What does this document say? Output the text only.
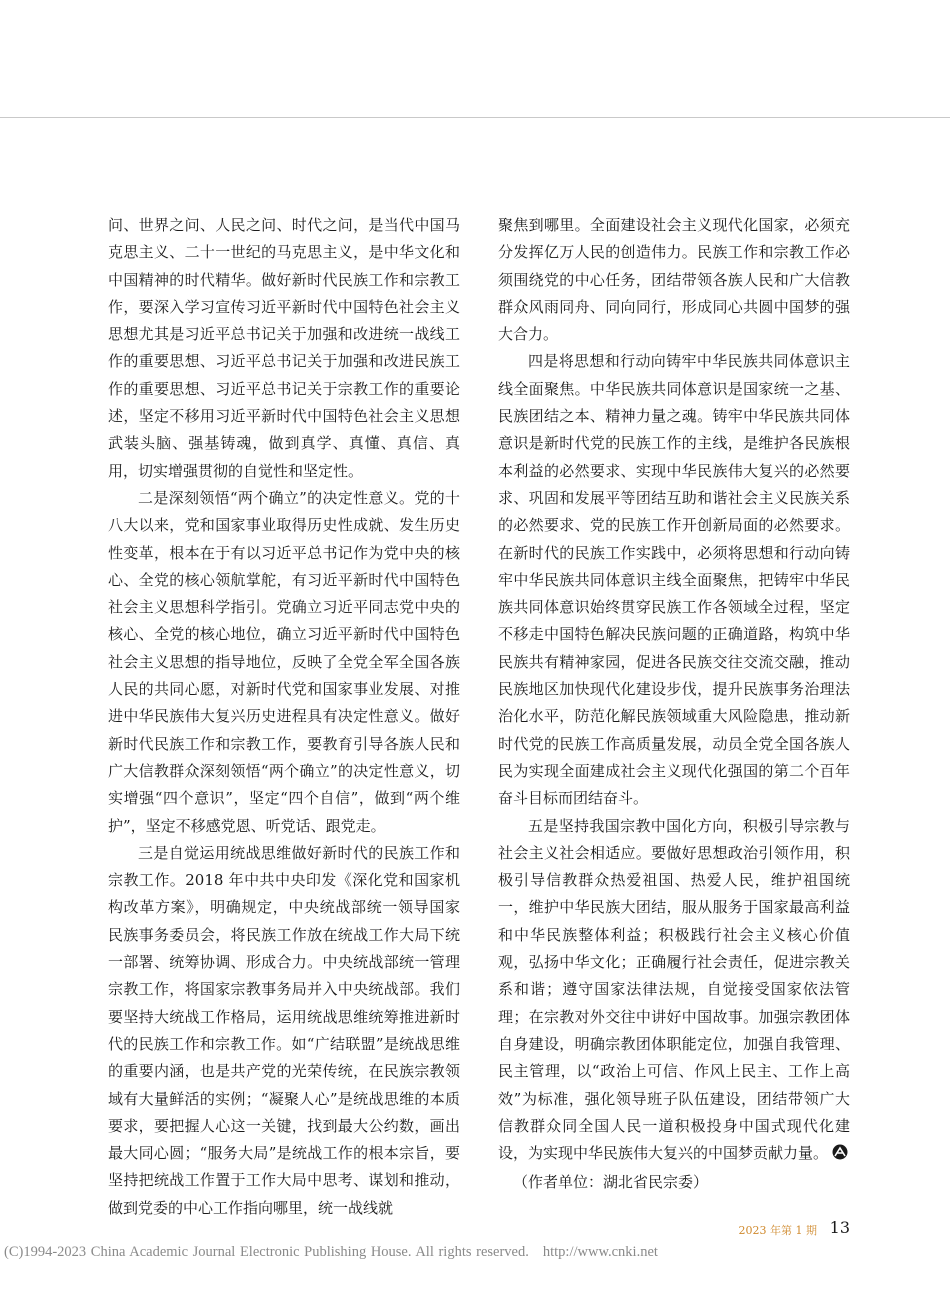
问、世界之问、人民之问、时代之问，是当代中国马克思主义、二十一世纪的马克思主义，是中华文化和中国精神的时代精华。做好新时代民族工作和宗教工作，要深入学习宣传习近平新时代中国特色社会主义思想尤其是习近平总书记关于加强和改进统一战线工作的重要思想、习近平总书记关于加强和改进民族工作的重要思想、习近平总书记关于宗教工作的重要论述，坚定不移用习近平新时代中国特色社会主义思想武装头脑、强基铸魂，做到真学、真懂、真信、真用，切实增强贯彻的自觉性和坚定性。

二是深刻领悟“两个确立”的决定性意义。党的十八大以来，党和国家事业取得历史性成就、发生历史性变革，根本在于有以习近平总书记作为党中央的核心、全党的核心领航掌舵，有习近平新时代中国特色社会主义思想科学指引。党确立习近平同志党中央的核心、全党的核心地位，确立习近平新时代中国特色社会主义思想的指导地位，反映了全党全军全国各族人民的共同心愿，对新时代党和国家事业发展、对推进中华民族伟大复兴历史进程具有决定性意义。做好新时代民族工作和宗教工作，要教育引导各族人民和广大信教群众深刻领悟“两个确立”的决定性意义，切实增强“四个意识”，坚定“四个自信”，做到“两个维护”，坚定不移感党恩、听党话、跟党走。

三是自觉运用统战思维做好新时代的民族工作和宗教工作。2018 年中共中央印发《深化党和国家机构改革方案》，明确规定，中央统战部统一领导国家民族事务委员会，将民族工作放在统战工作大局下统一部署、统筹协调、形成合力。中央统战部统一管理宗教工作，将国家宗教事务局并入中央统战部。我们要坚持大统战工作格局，运用统战思维统筹推进新时代的民族工作和宗教工作。如“广结联盟”是统战思维的重要内涵，也是共产党的光荣传统，在民族宗教领域有大量鲜活的实例；“凝聚人心”是统战思维的本质要求，要把握人心这一关键，找到最大公约数，画出最大同心圆；“服务大局”是统战工作的根本宗旨，要坚持把统战工作置于工作大局中思考、谋划和推动，做到党委的中心工作指向哪里，统一战线就

聚焦到哪里。全面建设社会主义现代化国家，必须充分发挥亿万人民的创造伟力。民族工作和宗教工作必须围绕党的中心任务，团结带领各族人民和广大信教群众风雨同舟、同向同行，形成同心共圆中国梦的强大合力。

四是将思想和行动向铸牢中华民族共同体意识主线全面聚焦。中华民族共同体意识是国家统一之基、民族团结之本、精神力量之魂。铸牢中华民族共同体意识是新时代党的民族工作的主线，是维护各民族根本利益的必然要求、实现中华民族伟大复兴的必然要求、巩固和发展平等团结互助和谐社会主义民族关系的必然要求、党的民族工作开创新局面的必然要求。在新时代的民族工作实践中，必须将思想和行动向铸牢中华民族共同体意识主线全面聚焦，把铸牢中华民族共同体意识始终贯穿民族工作各领域全过程，坚定不移走中国特色解决民族问题的正确道路，构筑中华民族共有精神家园，促进各民族交往交流交融，推动民族地区加快现代化建设步伐，提升民族事务治理法治化水平，防范化解民族领域重大风险隐患，推动新时代党的民族工作高质量发展，动员全党全国各族人民为实现全面建成社会主义现代化强国的第二个百年奋斗目标而团结奋斗。

五是坚持我国宗教中国化方向，积极引导宗教与社会主义社会相适应。要做好思想政治引领作用，积极引导信教群众热爱祖国、热爱人民，维护祖国统一，维护中华民族大团结，服从服务于国家最高利益和中华民族整体利益；积极践行社会主义核心价值观，弘扬中华文化；正确履行社会责任，促进宗教关系和谐；遵守国家法律法规，自觉接受国家依法管理；在宗教对外交往中讲好中国故事。加强宗教团体自身建设，明确宗教团体职能定位，加强自我管理、民主管理，以“政治上可信、作风上民主、工作上高效”为标准，强化领导班子队伍建设，团结带领广大信教群众同全国人民一道积极投身中国式现代化建设，为实现中华民族伟大复兴的中国梦贡献力量。

（作者单位：湖北省民宗委）

2023 年第 1 期 13
(C)1994-2023 China Academic Journal Electronic Publishing House. All rights reserved. http://www.cnki.net
